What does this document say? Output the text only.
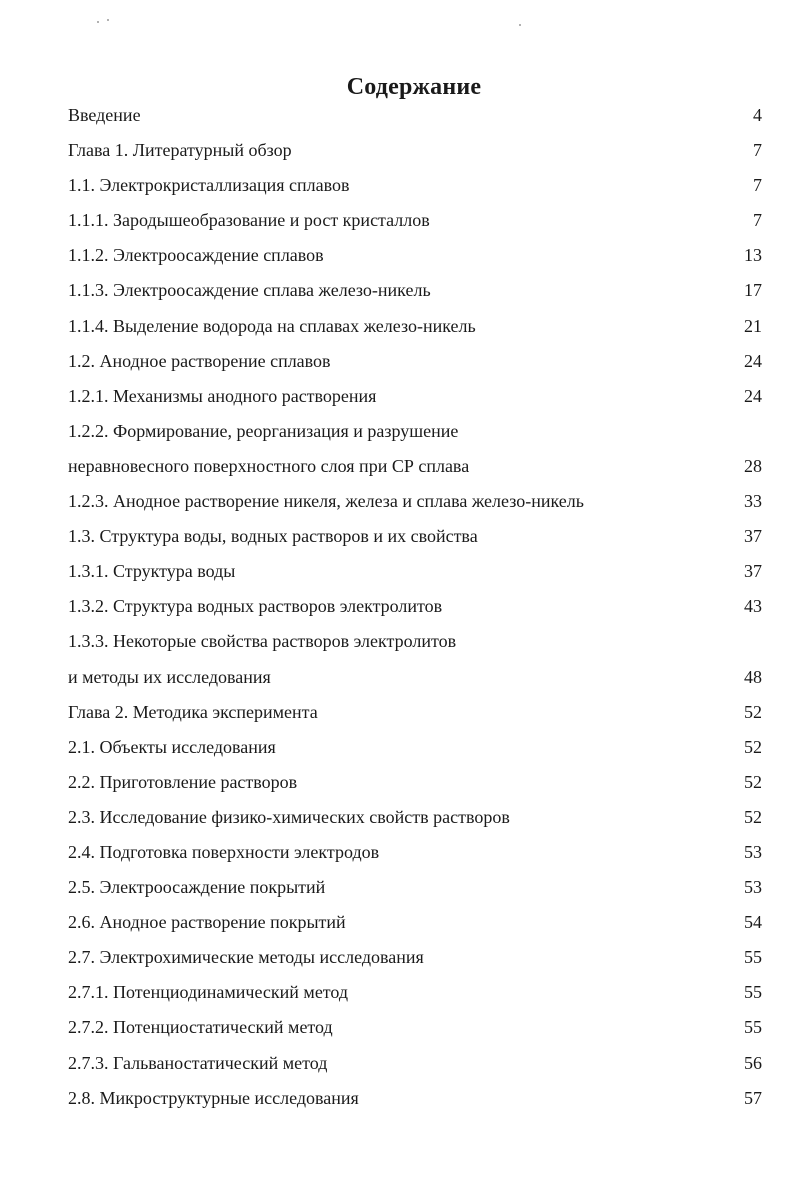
Содержание
Введение	4
Глава 1. Литературный обзор	7
1.1. Электрокристаллизация сплавов	7
1.1.1. Зародышеобразование и рост кристаллов	7
1.1.2. Электроосаждение сплавов	13
1.1.3. Электроосаждение сплава железо-никель	17
1.1.4. Выделение водорода на сплавах железо-никель	21
1.2. Анодное растворение сплавов	24
1.2.1. Механизмы анодного растворения	24
1.2.2. Формирование, реорганизация и разрушение
неравновесного поверхностного слоя при СР сплава	28
1.2.3. Анодное растворение никеля, железа и сплава железо-никель	33
1.3. Структура воды, водных растворов и их свойства	37
1.3.1. Структура воды	37
1.3.2. Структура водных растворов электролитов	43
1.3.3. Некоторые свойства растворов электролитов
и методы их исследования	48
Глава 2. Методика эксперимента	52
2.1. Объекты исследования	52
2.2. Приготовление растворов	52
2.3. Исследование физико-химических свойств растворов	52
2.4. Подготовка поверхности электродов	53
2.5. Электроосаждение покрытий	53
2.6. Анодное растворение покрытий	54
2.7. Электрохимические методы исследования	55
2.7.1. Потенциодинамический метод	55
2.7.2. Потенциостатический метод	55
2.7.3. Гальваностатический метод	56
2.8. Микроструктурные исследования	57
